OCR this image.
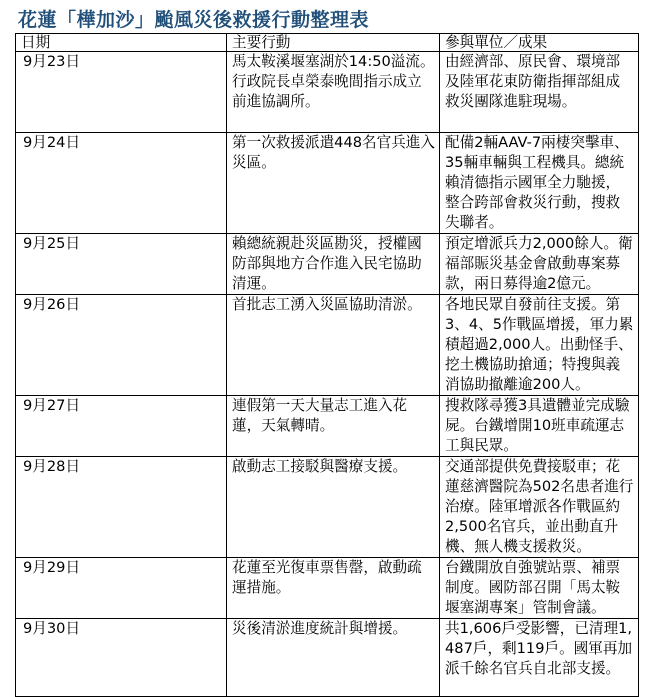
花蓮「樺加沙」颱風災後救援行動整理表
日期	主要行動	參與單位／成果
9月23日	馬太鞍溪堰塞湖於14:50溢流。行政院長卓榮泰晚間指示成立前進協調所。	由經濟部、原民會、環境部及陸軍花東防衛指揮部組成救災團隊進駐現場。
9月24日	第一次救援派遣448名官兵進入災區。	配備2輛AAV-7兩棲突擊車、35輛車輛與工程機具。總統賴清德指示國軍全力馳援，整合跨部會救災行動，搜救失聯者。
9月25日	賴總統親赴災區勘災，授權國防部與地方合作進入民宅協助清運。	預定增派兵力2,000餘人。衛福部賑災基金會啟動專案募款，兩日募得逾2億元。
9月26日	首批志工湧入災區協助清淤。	各地民眾自發前往支援。第3、4、5作戰區增援，軍力累積超過2,000人。出動怪手、挖土機協助搶通；特搜與義消協助撤離逾200人。
9月27日	連假第一天大量志工進入花蓮，天氣轉晴。	搜救隊尋獲3具遺體並完成驗屍。台鐵增開10班車疏運志工與民眾。
9月28日	啟動志工接駁與醫療支援。	交通部提供免費接駁車；花蓮慈濟醫院為502名患者進行治療。陸軍增派各作戰區約2,500名官兵，並出動直升機、無人機支援救災。
9月29日	花蓮至光復車票售罄，啟動疏運措施。	台鐵開放自強號站票、補票制度。國防部召開「馬太鞍堰塞湖專案」管制會議。
9月30日	災後清淤進度統計與增援。	共1,606戶受影響，已清理1,487戶，剩119戶。國軍再加派千餘名官兵自北部支援。
